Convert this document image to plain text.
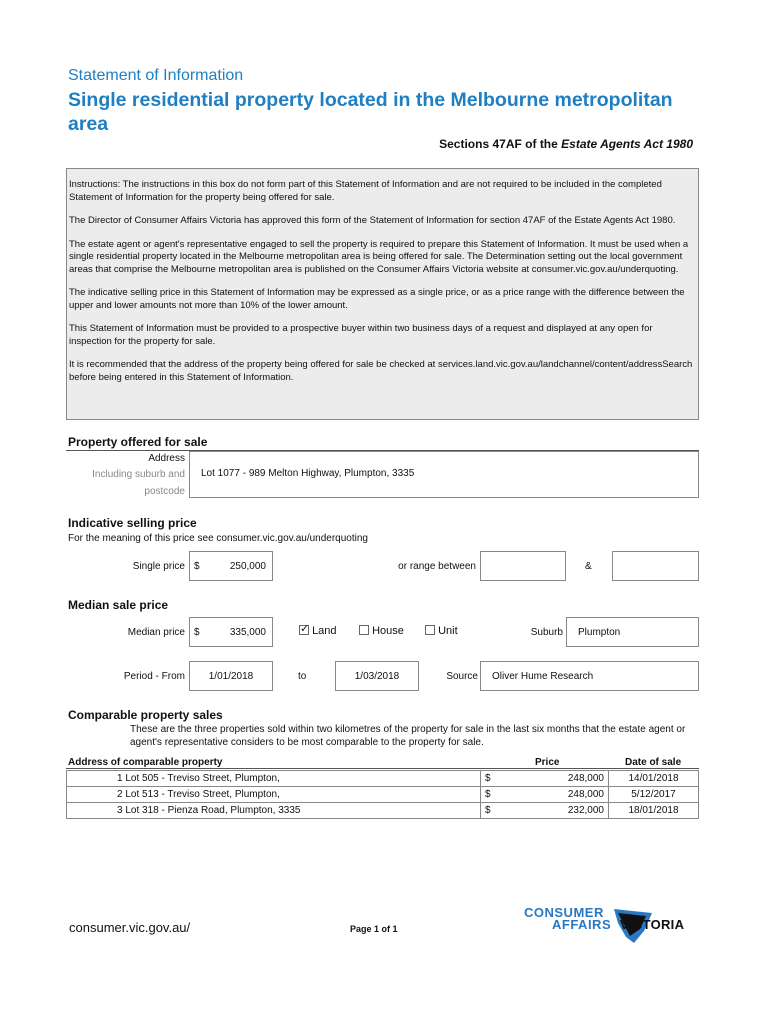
Statement of Information
Single residential property located in the Melbourne metropolitan area
Sections 47AF of the Estate Agents Act 1980

Instructions: The instructions in this box do not form part of this Statement of Information and are not required to be included in the completed Statement of Information for the property being offered for sale.

The Director of Consumer Affairs Victoria has approved this form of the Statement of Information for section 47AF of the Estate Agents Act 1980.

The estate agent or agent's representative engaged to sell the property is required to prepare this Statement of Information. It must be used when a single residential property located in the Melbourne metropolitan area is being offered for sale. The Determination setting out the local government areas that comprise the Melbourne metropolitan area is published on the Consumer Affairs Victoria website at consumer.vic.gov.au/underquoting.

The indicative selling price in this Statement of Information may be expressed as a single price, or as a price range with the difference between the upper and lower amounts not more than 10% of the lower amount.

This Statement of Information must be provided to a prospective buyer within two business days of a request and displayed at any open for inspection for the property for sale.

It is recommended that the address of the property being offered for sale be checked at services.land.vic.gov.au/landchannel/content/addressSearch before being entered in this Statement of Information.

Property offered for sale
Address
Including suburb and
postcode
Lot 1077 - 989 Melton Highway, Plumpton, 3335
Indicative selling price
For the meaning of this price see consumer.vic.gov.au/underquoting
Single price $	250,000	or range between	&
Median sale price
Median price $	335,000 ✓	Land	House	Unit	Suburb	Plumpton
Period - From	1/01/2018	to	1/03/2018	Source	Oliver Hume Research
Comparable property sales
These are the three properties sold within two kilometres of the property for sale in the last six months that the estate agent or agent's representative considers to be most comparable to the property for sale.
Address of comparable property	Price	Date of sale
1 Lot 505 - Treviso Street, Plumpton,	$ 248,000	14/01/2018
2 Lot 513 - Treviso Street, Plumpton,	$ 248,000	5/12/2017
3 Lot 318 - Pienza Road, Plumpton, 3335	$ 232,000	18/01/2018
consumer.vic.gov.au/	Page 1 of 1
CONSUMER
AFFAIRS VICTORIA
